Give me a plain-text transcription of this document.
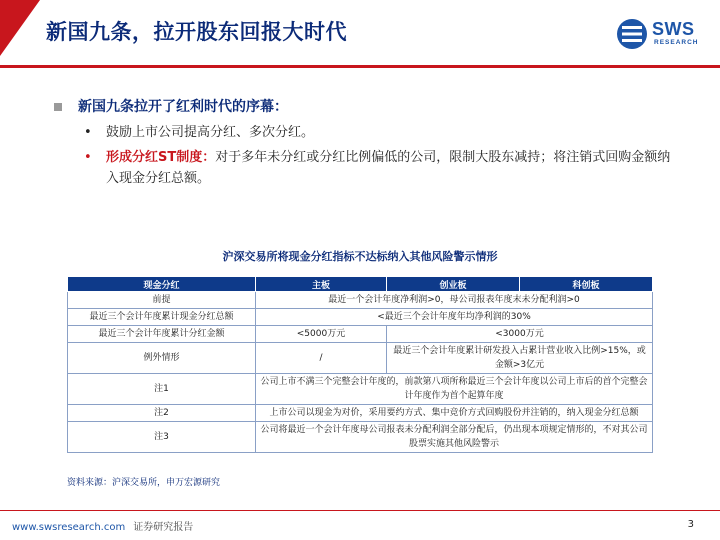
新国九条，拉开股东回报大时代	SWS
RESEARCH
新国九条拉开了红利时代的序幕：
• 鼓励上市公司提高分红、多次分红。
• 形成分红ST制度：对于多年未分红或分红比例偏低的公司，限制大股东减持；将注销式回购金额纳入现金分红总额。
沪深交易所将现金分红指标不达标纳入其他风险警示情形
现金分红	主板	创业板	科创板
前提	最近一个会计年度净利润>0，母公司报表年度末未分配利润>0		
最近三个会计年度累计现金分红总额	<最近三个会计年度年均净利润的30%		
最近三个会计年度累计分红金额	<5000万元	<3000万元	
例外情形	/	最近三个会计年度累计研发投入占累计营业收入比例>15%，或金额>3亿元	
注1	公司上市不满三个完整会计年度的，前款第八项所称最近三个会计年度以公司上市后的首个完整会计年度作为首个起算年度		
注2	上市公司以现金为对价，采用要约方式、集中竞价方式回购股份并注销的，纳入现金分红总额		
注3	公司将最近一个会计年度母公司报表未分配利润全部分配后，仍出现本项规定情形的，不对其公司股票实施其他风险警示		
资料来源：沪深交易所，申万宏源研究
www.swsresearch.com 证券研究报告	3
